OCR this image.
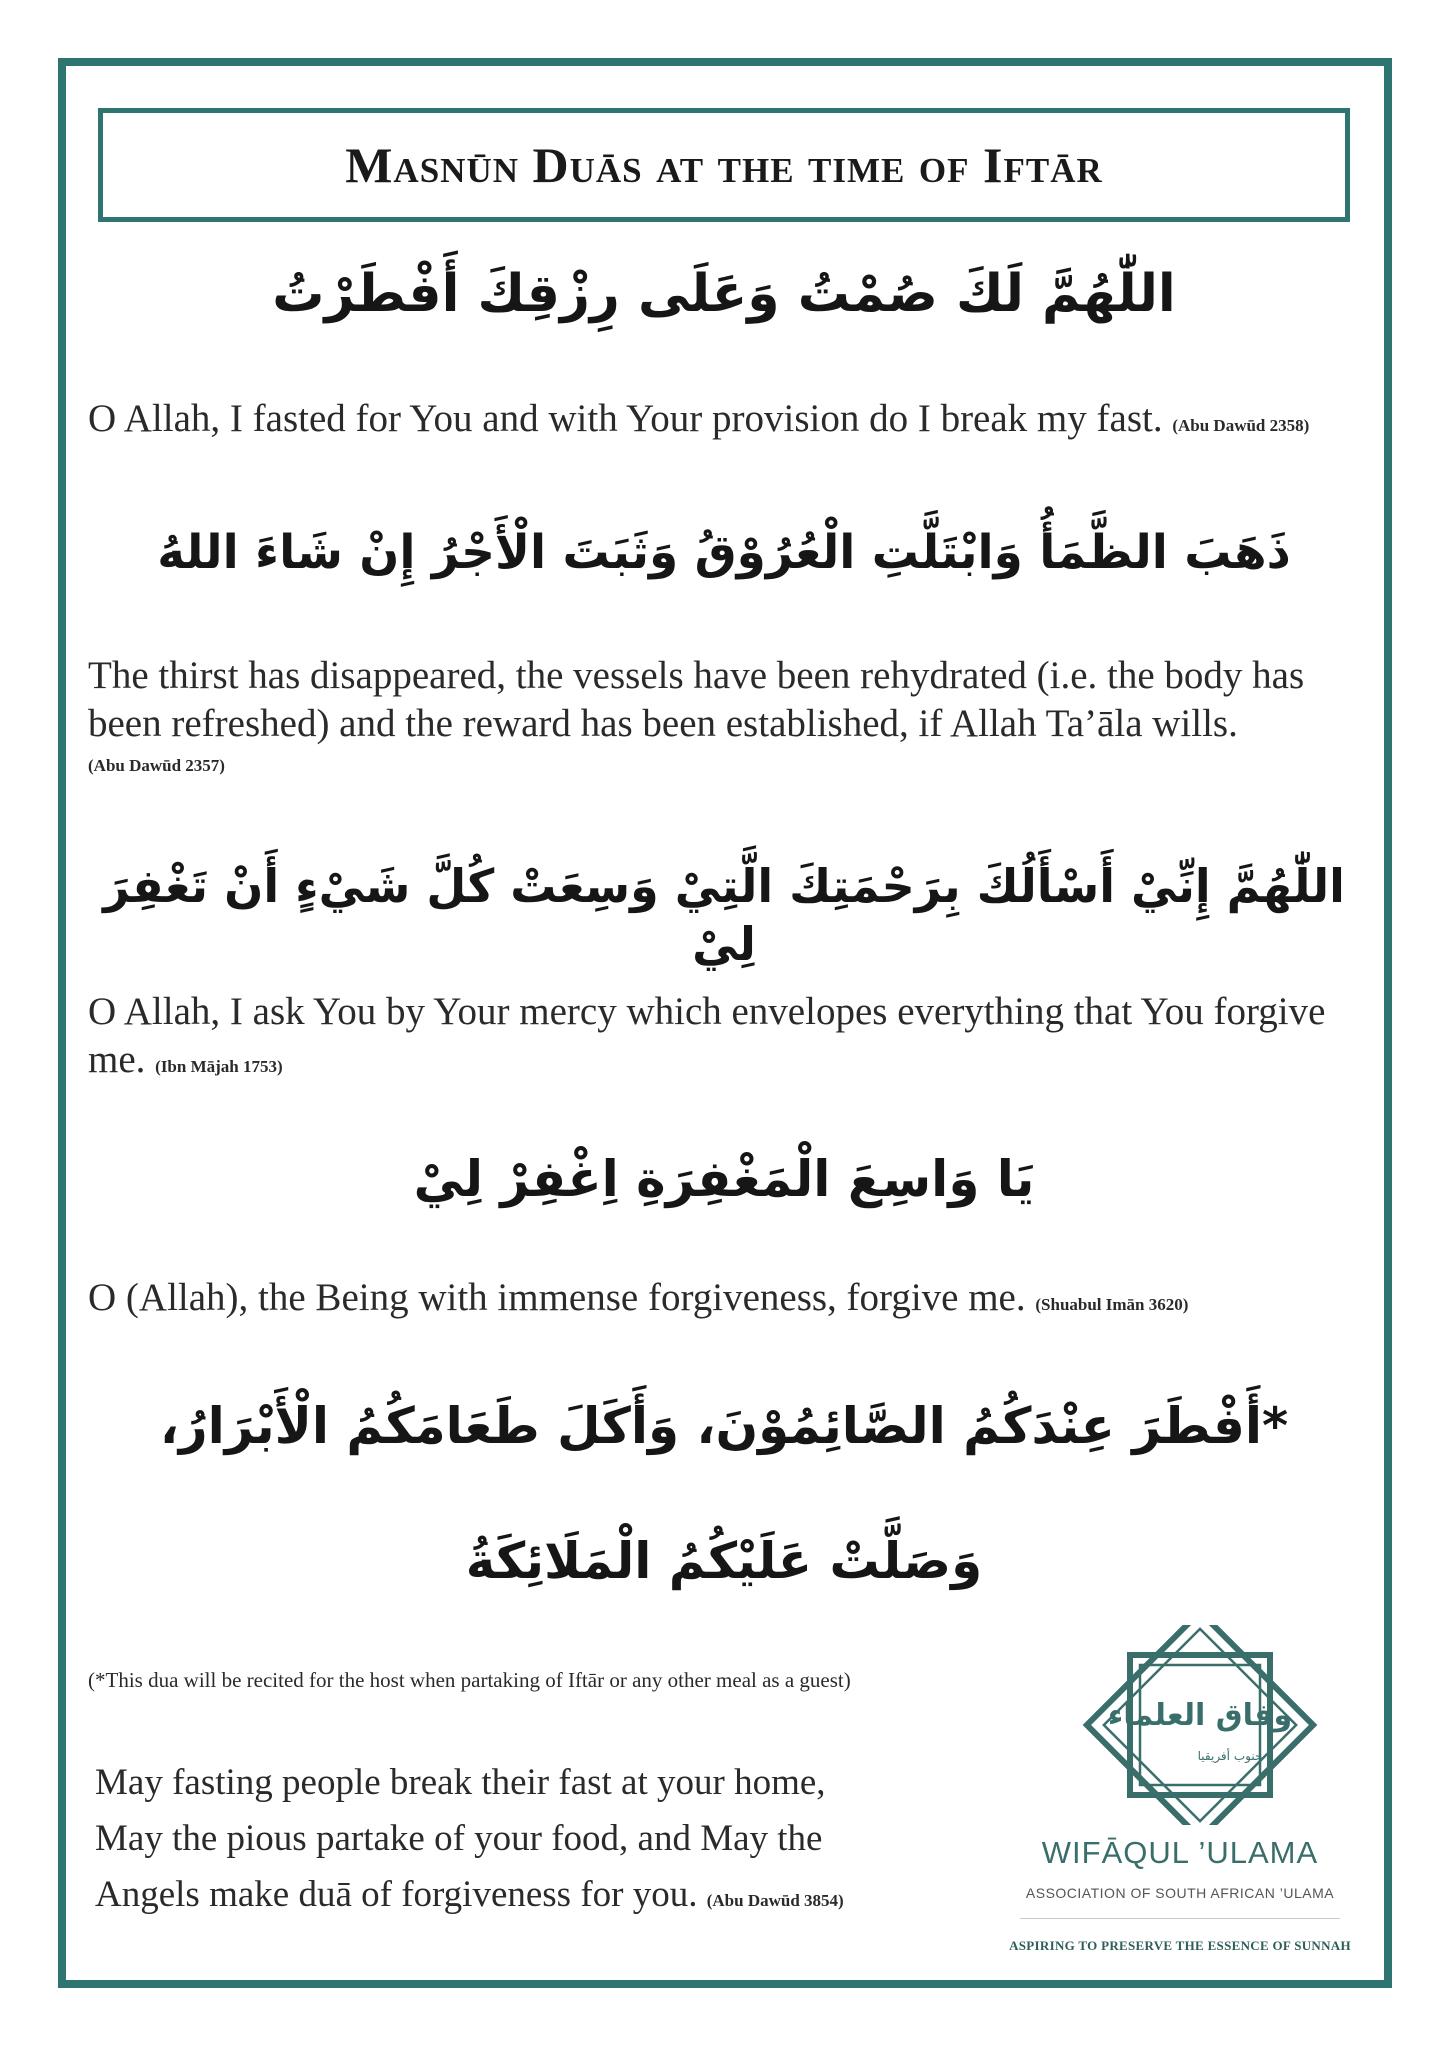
Masnūn Duās at the time of Iftār
اللّٰهُمَّ لَكَ صُمْتُ وَعَلَى رِزْقِكَ أَفْطَرْتُ
O Allah, I fasted for You and with Your provision do I break my fast. (Abu Dawūd 2358)
ذَهَبَ الظَّمَأُ وَابْتَلَّتِ الْعُرُوْقُ وَثَبَتَ الْأَجْرُ إِنْ شَاءَ اللهُ
The thirst has disappeared, the vessels have been rehydrated (i.e. the body has been refreshed) and the reward has been established, if Allah Ta’āla wills.
(Abu Dawūd 2357)
اللّٰهُمَّ إِنِّيْ أَسْأَلُكَ بِرَحْمَتِكَ الَّتِيْ وَسِعَتْ كُلَّ شَيْءٍ أَنْ تَغْفِرَ لِيْ
O Allah, I ask You by Your mercy which envelopes everything that You forgive me. (Ibn Mājah 1753)
يَا وَاسِعَ الْمَغْفِرَةِ اِغْفِرْ لِيْ
O (Allah), the Being with immense forgiveness, forgive me. (Shuabul Imān 3620)
*أَفْطَرَ عِنْدَكُمُ الصَّائِمُوْنَ، وَأَكَلَ طَعَامَكُمُ الْأَبْرَارُ،
وَصَلَّتْ عَلَيْكُمُ الْمَلَائِكَةُ
(*This dua will be recited for the host when partaking of Iftār or any other meal as a guest)
May fasting people break their fast at your home,
May the pious partake of your food, and May the
Angels make duā of forgiveness for you. (Abu Dawūd 3854)
وفاق العلماء
جنوب أفريقيا
WIFĀQUL ’ULAMA
ASSOCIATION OF SOUTH AFRICAN ’ULAMA
ASPIRING TO PRESERVE THE ESSENCE OF SUNNAH
